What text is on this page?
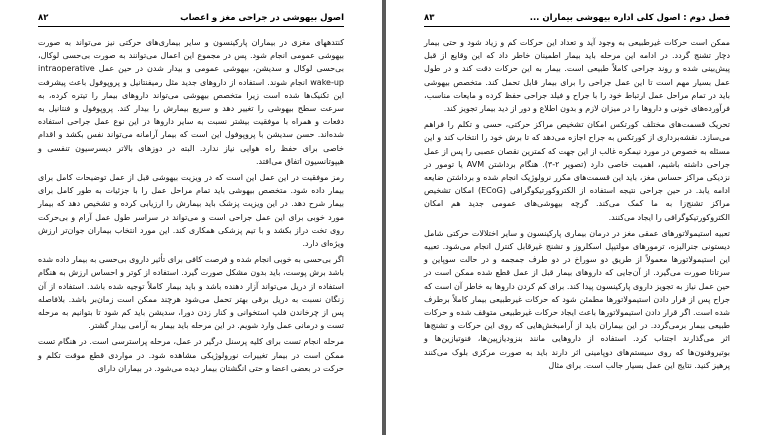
اصول بیهوشی در جراحی مغز و اعصاب
۸۲

کنتدههای مغزی در بیماران پارکینسون و سایر بیماری‌های حرکتی نیز می‌تواند به صورت بیهوشی عمومی انجام شود. پس در مجموع این اعمال می‌توانند به صورت بی‌حسی لوکال، بی‌حسی لوکال و سدیشن، بیهوشی عمومی و بیدار شدن در حین عمل intraoperative wake-up انجام شوند. استفاده از داروهای جدید مثل رمیفنتانیل و پروپوفول باعث پیشرفت این تکنیک‌ها شده است زیرا متخصص بیهوشی می‌تواند داروهای بیمار را تیتره کرده، به سرعت سطح بیهوشی را تغییر دهد و سریع بیمارش را بیدار کند. پروپوفول و فنتانیل به دفعات و همراه با موفقیت بیشتر نسبت به سایر داروها در این نوع عمل جراحی استفاده شده‌اند. حسن سدیشن با پروپوفول این است که بیمار آرامانه می‌تواند نفس بکشد و اقدام خاصی برای حفظ راه هوایی نیاز ندارد. البته در دوزهای بالاتر دیسرسیون تنفسی و هیپوتانسیون اتفاق می‌افتد.

رمز موفقیت در این عمل این است که در ویزیت بیهوشی قبل از عمل توضیحات کامل برای بیمار داده شود. متخصص بیهوشی باید تمام مراحل عمل را با جزئیات به طور کامل برای بیمار شرح دهد. در این ویزیت پزشک باید بیمارش را ارزیابی کرده و تشخیص دهد که بیمار مورد خوبی برای این عمل جراحی است و می‌تواند در سراسر طول عمل آرام و بی‌حرکت روی تخت دراز بکشد و با تیم پزشکی همکاری کند. این مورد انتخاب بیماران جوان‌تر ارزش ویژه‌ای دارد.

اگر بی‌حسی به خوبی انجام شده و فرصت کافی برای تأثیر داروی بی‌حسی به بیمار داده شده باشد برش پوست، باید بدون مشکل صورت گیرد. استفاده از کوتر و احساس ارزش به هنگام استفاده از دریل می‌تواند آزار دهنده باشد و باید بیمار کاملاً توجیه شده باشد. استفاده از آن زنگان نسبت به دریل برقی بهتر تحمل می‌شود هرچند ممکن است زمان‌بر باشد. بلافاصله پس از چرخاندن فلپ استخوانی و کنار زدن دورا، سدیشن باید کم شود تا بتوانیم به مرحله تست و درمانی عمل وارد شویم. در این مرحله باید بیمار به آرامی بیدار گشتر.

مرحله انجام تست برای کلیه پرسنل درگیر در عمل، مرحله پراسترسی است. در هنگام تست ممکن است در بیمار تغییرات نورولوژیکی مشاهده شود. در مواردی قطع موقت تکلم و حرکت در بعضی اعضا و حتی انگشتان بیمار دیده می‌شود. در بیماران دارای

فصل دوم : اصول کلی اداره بیهوشی بیماران ...
۸۳

ممکن است حرکات غیرطبیعی به وجود آید و تعداد این حرکات کم و زیاد شود و حتی بیمار دچار تشنج گردد. در ادامه این مرحله باید بیمار اطمینان خاطر داد که این وقایع از قبل پیش‌بینی شده و روند جراحی کاملاً طبیعی است. بیمار به این حرکات دقت کند و در طول عمل بسیار مهم است تا این عمل جراحی را برای بیمار قابل تحمل کند. متخصص بیهوشی باید در تمام مراحل عمل ارتباط خود را با جراح و فیلد جراحی حفظ کرده و مایعات مناسب، فرآورده‌های خونی و داروها را در میزان لازم و بدون اطلاع و دور از دید بیمار تجویز کند.

تحریک قسمت‌های مختلف کورتکس امکان تشخیص مراکز حرکتی، حسی و تکلم را فراهم می‌سازد. نقشه‌برداری از کورتکس به جراح اجازه می‌دهد که تا برش خود را انتخاب کند و این مسئله به خصوص در مورد نیمکره غالب از این جهت که کمترین نقصان عصبی را پس از عمل جراحی داشته باشیم، اهمیت خاصی دارد (تصویر ۲-۳). هنگام برداشتن AVM یا تومور در نزدیکی مراکز حساس مغز، باید این قسمت‌های مکرر نرولوژیک انجام شده و برداشتن ضایعه ادامه یابد. در حین جراحی نتیجه استفاده از الکتروکورتیکوگرافی (ECoG) امکان تشخیص مراکز تشنج‌زا به ما کمک می‌کند. گرچه بیهوشی‌های عمومی جدید هم امکان الکتروکورتیکوگرافی را ایجاد می‌کنند.

تعبیه استیمولاتورهای عمقی مغز در درمان بیماری پارکینسون و سایر اختلالات حرکتی شامل دیستونی جنرالیزه، ترمورهای مولتیپل اسکلروز و تشنج غیرقابل کنترل انجام می‌شود. تعبیه این استیمولاتورها معمولاً از طریق دو سوراخ در دو طرف جمجمه و در حالت سوپاین و سرتاتا صورت می‌گیرد. از آن‌جایی که داروهای بیمار قبل از عمل قطع شده ممکن است در حین عمل نیاز به تجویز داروی پارکینسون پیدا کند. برای کم کردن داروها به خاطر آن است که جراح پس از قرار دادن استیمولاتورها مطمئن شود که حرکات غیرطبیعی بیمار کاملاً برطرف شده است. اگر قرار دادن استیمولاتورها باعث ایجاد حرکات غیرطبیعی متوقف شده و حرکات طبیعی بیمار برمی‌گردد. در این بیماران باید از آرامبخش‌هایی که روی این حرکات و تشنج‌ها اثر می‌گذارند اجتناب کرد. استفاده از داروهایی مانند بنزودیازپین‌ها، فنوتیازین‌ها و بوتیروفنون‌ها که روی سیستم‌های دوپامینی اثر دارند باید به صورت مرکزی بلوک می‌کنند پرهیز کنید. نتایج این عمل بسیار جالب است. برای مثال
